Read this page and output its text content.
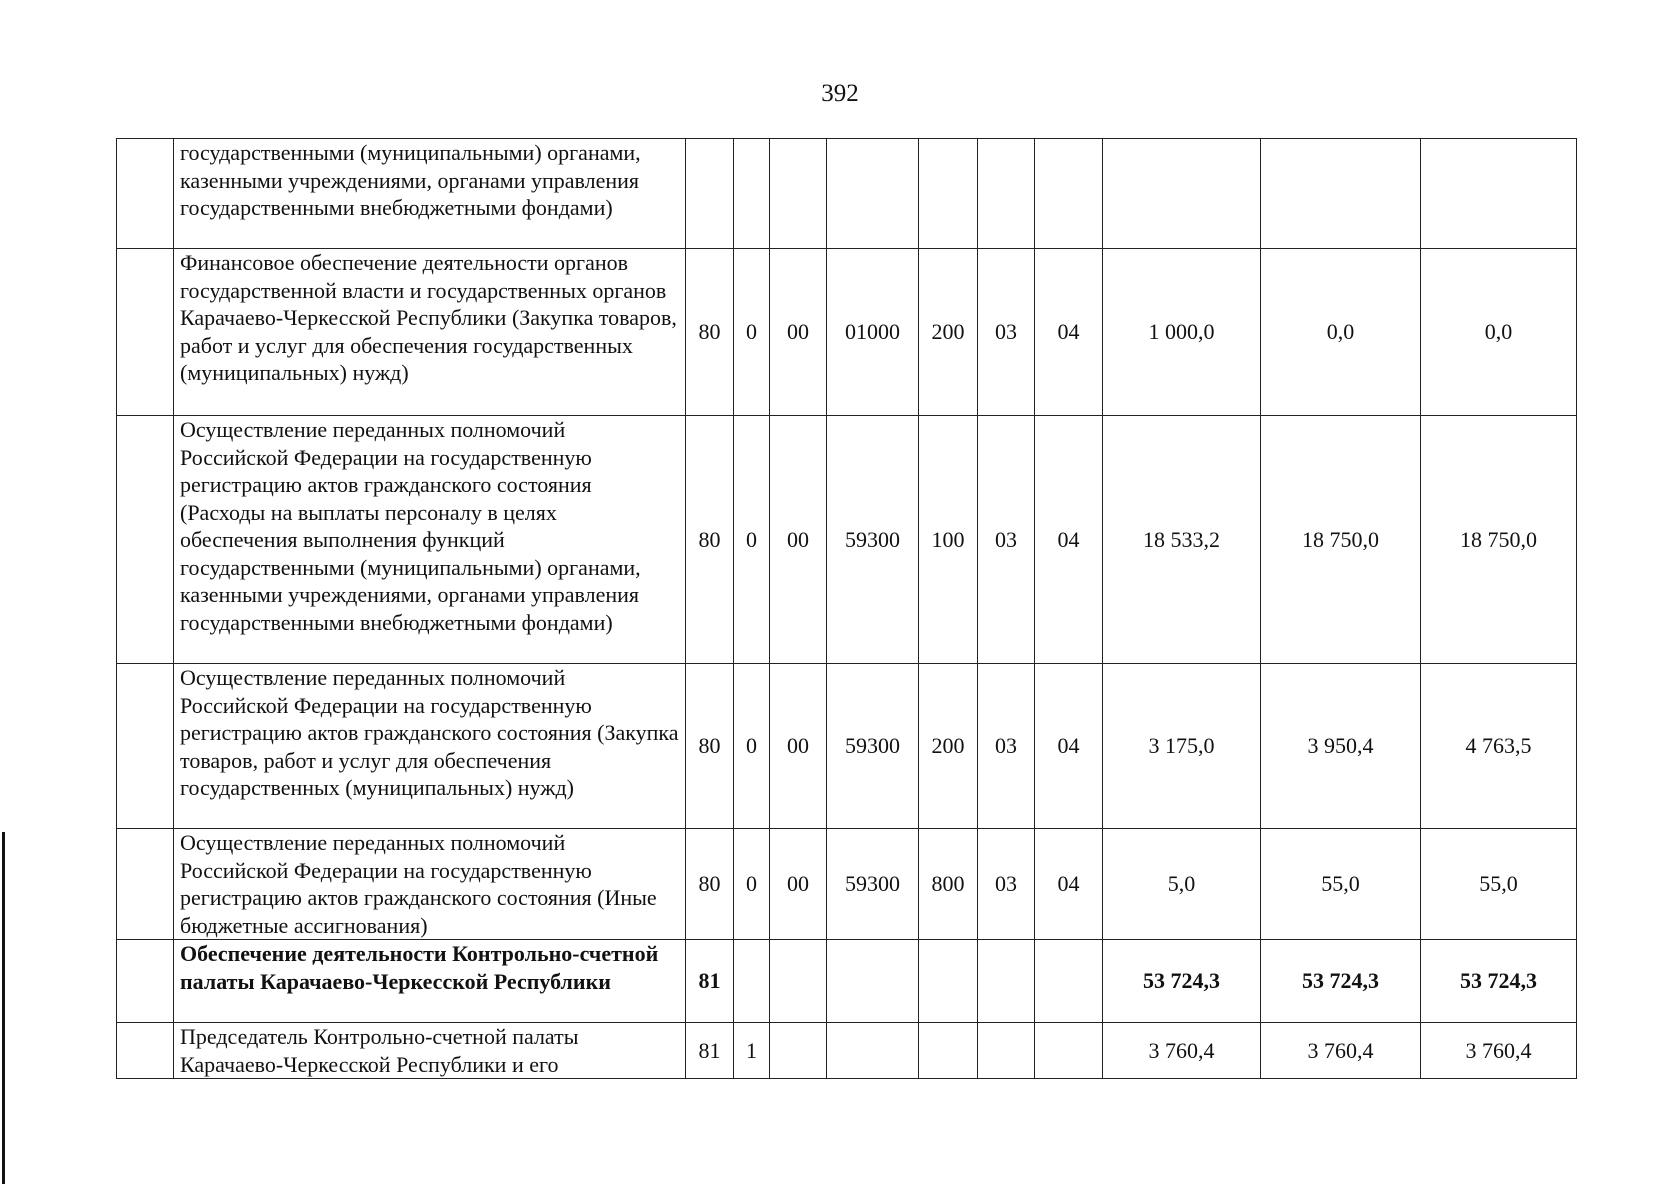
392
	государственными (муниципальными) органами, казенными учреждениями, органами управления государственными внебюджетными фондами)										
	Финансовое обеспечение деятельности органов государственной власти и государственных органов Карачаево-Черкесской Республики (Закупка товаров, работ и услуг для обеспечения государственных (муниципальных) нужд)	80	0	00	01000	200	03	04	1 000,0	0,0	0,0
	Осуществление переданных полномочий Российской Федерации на государственную регистрацию актов гражданского состояния (Расходы на выплаты персоналу в целях обеспечения выполнения функций государственными (муниципальными) органами, казенными учреждениями, органами управления государственными внебюджетными фондами)	80	0	00	59300	100	03	04	18 533,2	18 750,0	18 750,0
	Осуществление переданных полномочий Российской Федерации на государственную регистрацию актов гражданского состояния (Закупка товаров, работ и услуг для обеспечения государственных (муниципальных) нужд)	80	0	00	59300	200	03	04	3 175,0	3 950,4	4 763,5
	Осуществление переданных полномочий Российской Федерации на государственную регистрацию актов гражданского состояния (Иные бюджетные ассигнования)	80	0	00	59300	800	03	04	5,0	55,0	55,0
	Обеспечение деятельности Контрольно-счетной палаты Карачаево-Черкесской Республики	81							53 724,3	53 724,3	53 724,3
	Председатель Контрольно-счетной палаты Карачаево-Черкесской Республики и его	81	1						3 760,4	3 760,4	3 760,4
